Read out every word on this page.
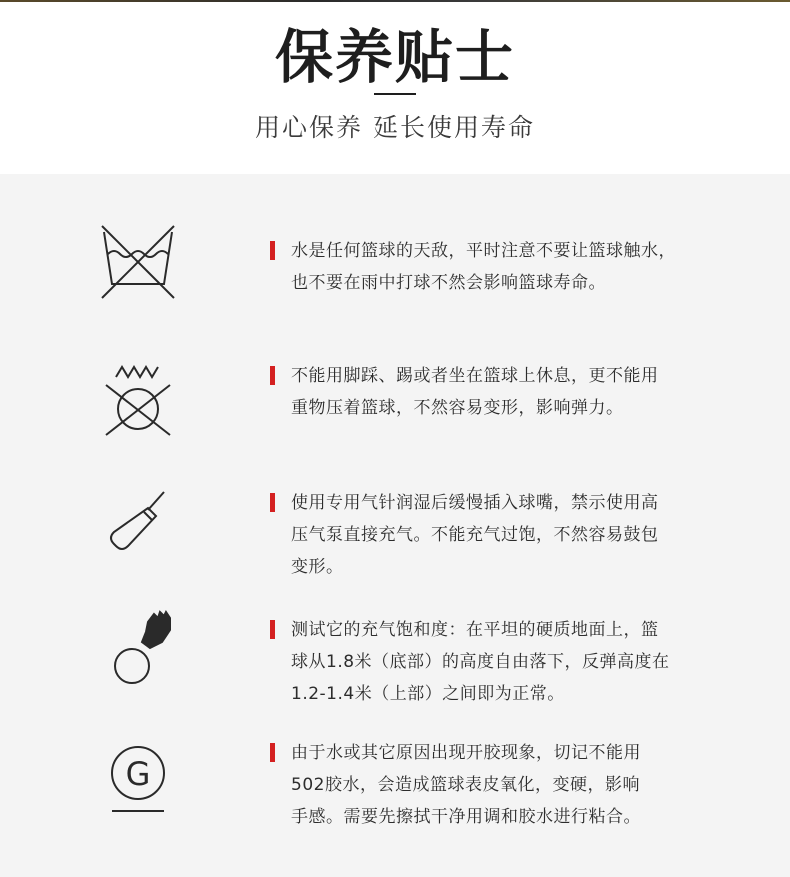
保养贴士
用心保养 延长使用寿命
水是任何篮球的天敌，平时注意不要让篮球触水，
也不要在雨中打球不然会影响篮球寿命。
不能用脚踩、踢或者坐在篮球上休息，更不能用
重物压着篮球，不然容易变形，影响弹力。
使用专用气针润湿后缓慢插入球嘴，禁示使用高
压气泵直接充气。不能充气过饱，不然容易鼓包
变形。
测试它的充气饱和度：在平坦的硬质地面上，篮
球从1.8米（底部）的高度自由落下，反弹高度在
1.2-1.4米（上部）之间即为正常。
G
由于水或其它原因出现开胶现象，切记不能用
502胶水，会造成篮球表皮氧化，变硬，影响
手感。需要先擦拭干净用调和胶水进行粘合。
